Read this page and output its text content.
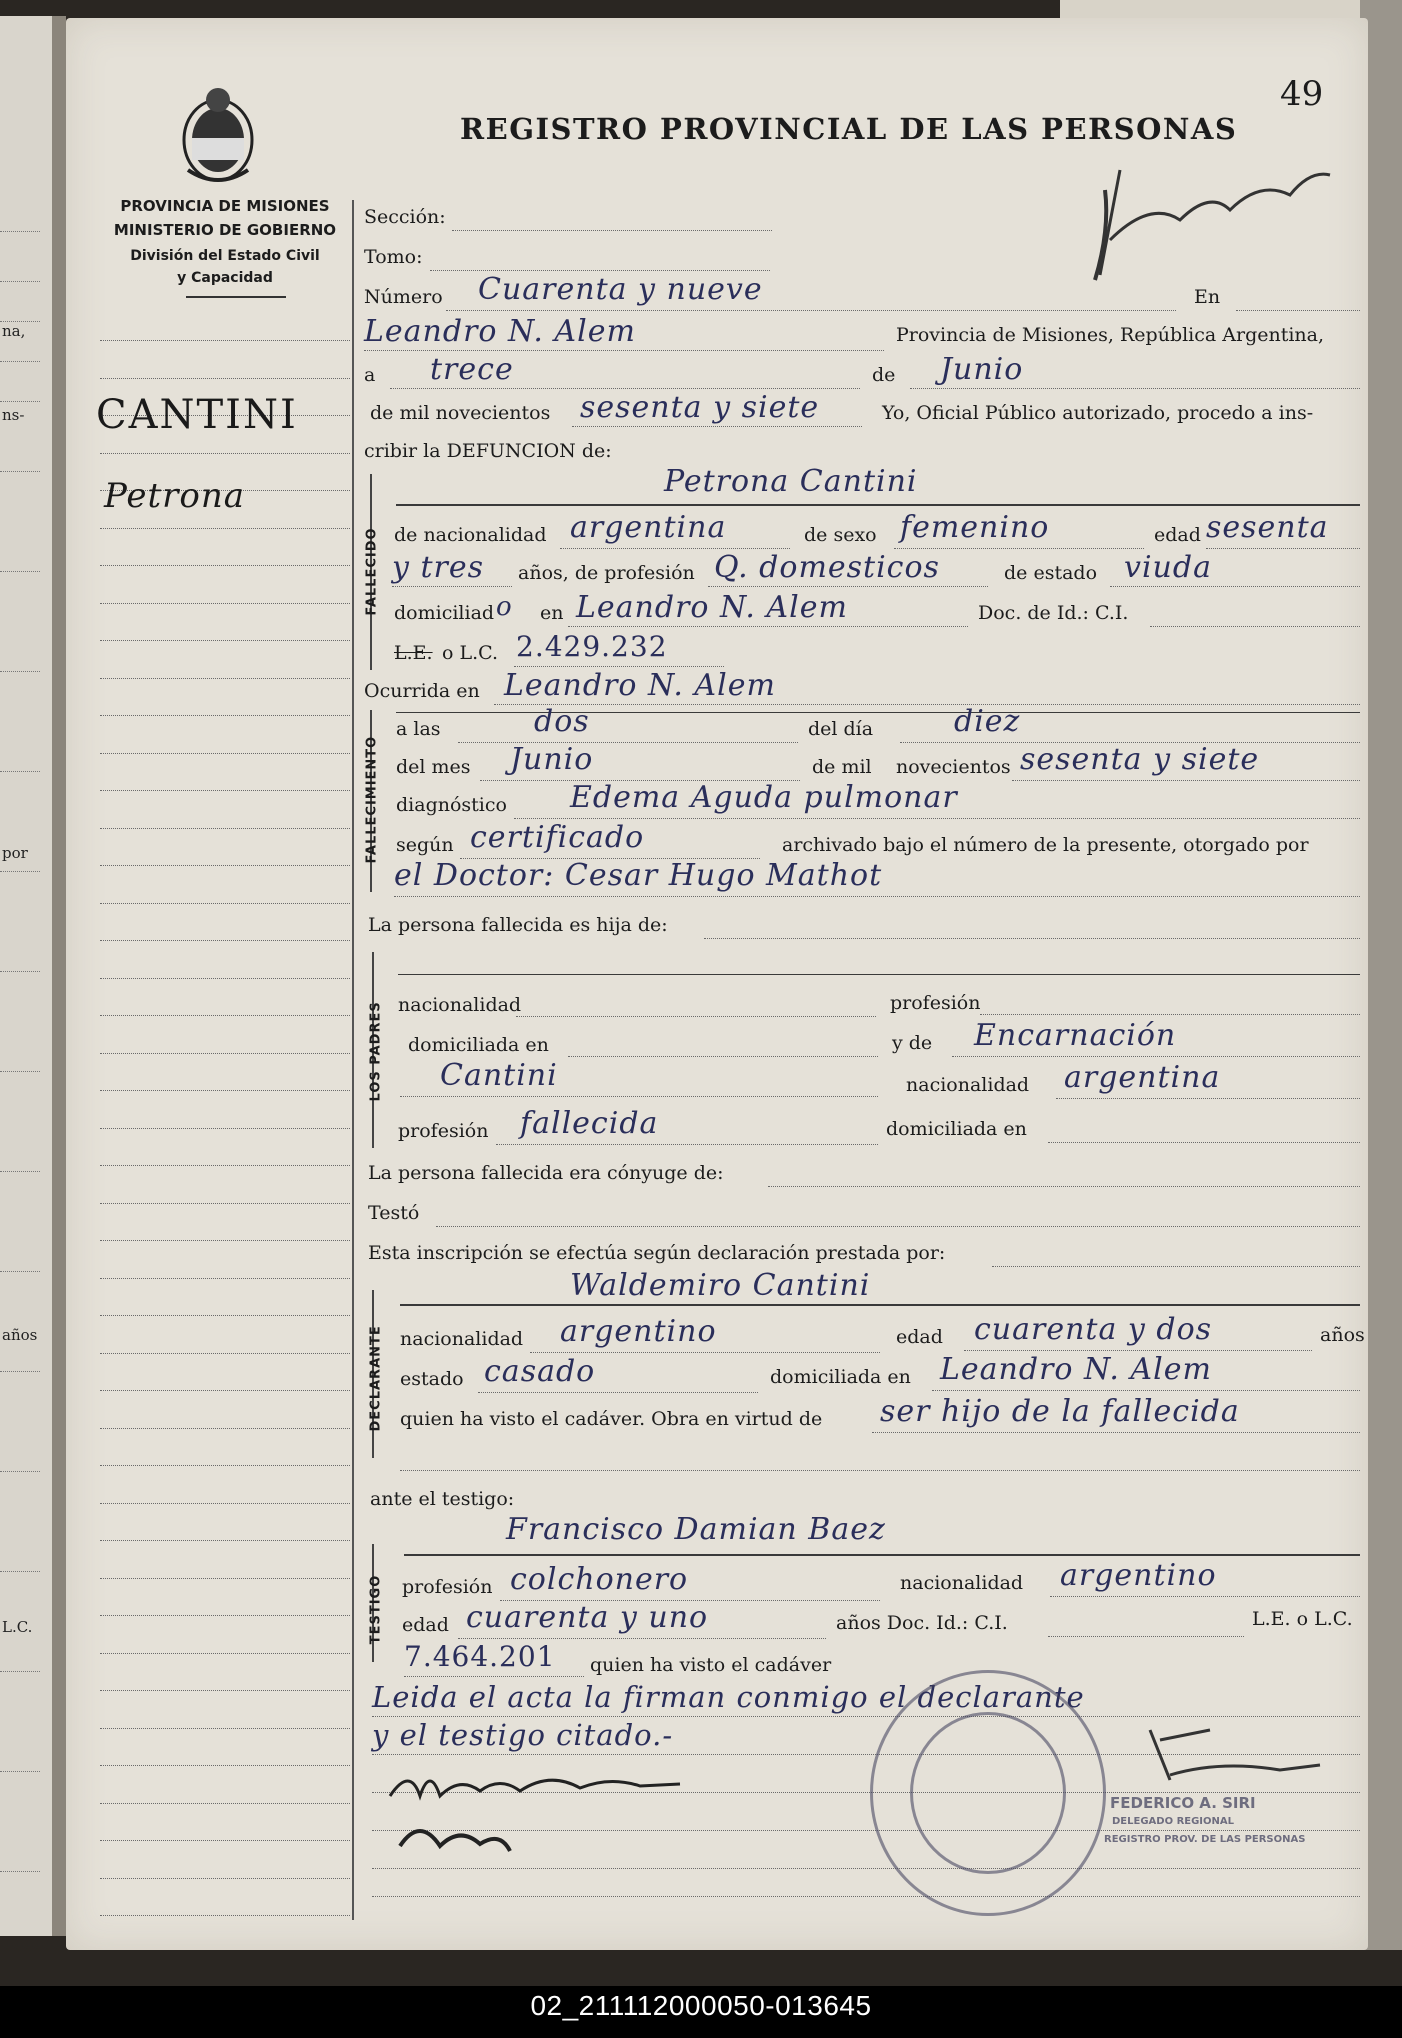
na,
ns-
por
años
L.C.
PROVINCIA DE MISIONES
MINISTERIO DE GOBIERNO
División del Estado Civil
y Capacidad
REGISTRO PROVINCIAL DE LAS PERSONAS
49
CANTINI
Petrona
Sección:
Tomo:
Número Cuarenta y nueve	En
Leandro N. Alem	Provincia de Misiones, República Argentina,
a trece	de Junio
de mil novecientos sesenta y siete	Yo, Oficial Público autorizado, procedo a ins-
cribir la DEFUNCION de:
FALLECIDO
Petrona Cantini
de nacionalidad argentina	de sexo femenino	edad sesenta
y tres años, de profesión Q. domesticos	de estado viuda
domiciliad o en Leandro N. Alem	Doc. de Id.: C.I.
L.E. o L.C. 2.429.232
Ocurrida en Leandro N. Alem
FALLECIMIENTO
a las	dos	del día	diez
del mes Junio	de mil novecientos sesenta y siete
diagnóstico Edema Aguda pulmonar
según certificado	archivado bajo el número de la presente, otorgado por
el Doctor: Cesar Hugo Mathot
La persona fallecida es hija de:
LOS PADRES nacionalidad	profesión
domiciliada en	y de Encarnación
Cantini	nacionalidad argentina
profesión fallecida	domiciliada en
La persona fallecida era cónyuge de:
Testó
Esta inscripción se efectúa según declaración prestada por:
DECLARANTE
Waldemiro Cantini
nacionalidad argentino	edad cuarenta y dos	años
estado casado	domiciliada en Leandro N. Alem
quien ha visto el cadáver. Obra en virtud de ser hijo de la fallecida
ante el testigo:
TESTIGO
Francisco Damian Baez
profesión colchonero	nacionalidad argentino
edad cuarenta y uno	años Doc. Id.: C.I.	L.E. o L.C.
7.464.201 quien ha visto el cadáver
Leida el acta la firman conmigo el declarante
y el testigo citado.-
FEDERICO A. SIRI
DELEGADO REGIONAL
REGISTRO PROV. DE LAS PERSONAS
02_211112000050-013645
